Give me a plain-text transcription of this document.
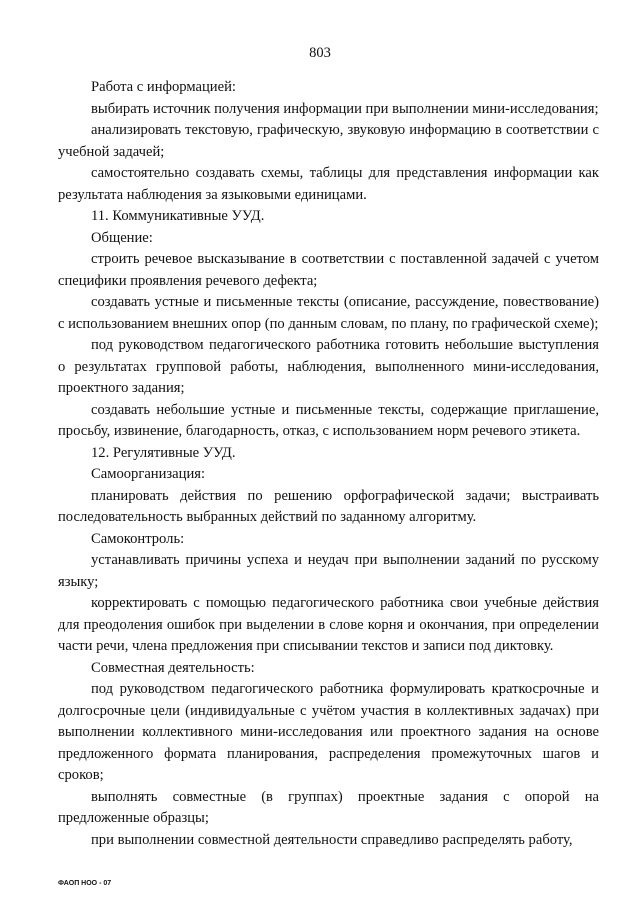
803

Работа с информацией:

выбирать источник получения информации при выполнении мини-исследования;

анализировать текстовую, графическую, звуковую информацию в соответствии с учебной задачей;

самостоятельно создавать схемы, таблицы для представления информации как результата наблюдения за языковыми единицами.

11. Коммуникативные УУД.

Общение:

строить речевое высказывание в соответствии с поставленной задачей с учетом специфики проявления речевого дефекта;

создавать устные и письменные тексты (описание, рассуждение, повествование) с использованием внешних опор (по данным словам, по плану, по графической схеме);

под руководством педагогического работника готовить небольшие выступления о результатах групповой работы, наблюдения, выполненного мини-исследования, проектного задания;

создавать небольшие устные и письменные тексты, содержащие приглашение, просьбу, извинение, благодарность, отказ, с использованием норм речевого этикета.

12. Регулятивные УУД.

Самоорганизация:

планировать действия по решению орфографической задачи; выстраивать последовательность выбранных действий по заданному алгоритму.

Самоконтроль:

устанавливать причины успеха и неудач при выполнении заданий по русскому языку;

корректировать с помощью педагогического работника свои учебные действия для преодоления ошибок при выделении в слове корня и окончания, при определении части речи, члена предложения при списывании текстов и записи под диктовку.

Совместная деятельность:

под руководством педагогического работника формулировать краткосрочные и долгосрочные цели (индивидуальные с учётом участия в коллективных задачах) при выполнении коллективного мини-исследования или проектного задания на основе предложенного формата планирования, распределения промежуточных шагов и сроков;

выполнять совместные (в группах) проектные задания с опорой на предложенные образцы;

при выполнении совместной деятельности справедливо распределять работу,

ФАОП НОО - 07
